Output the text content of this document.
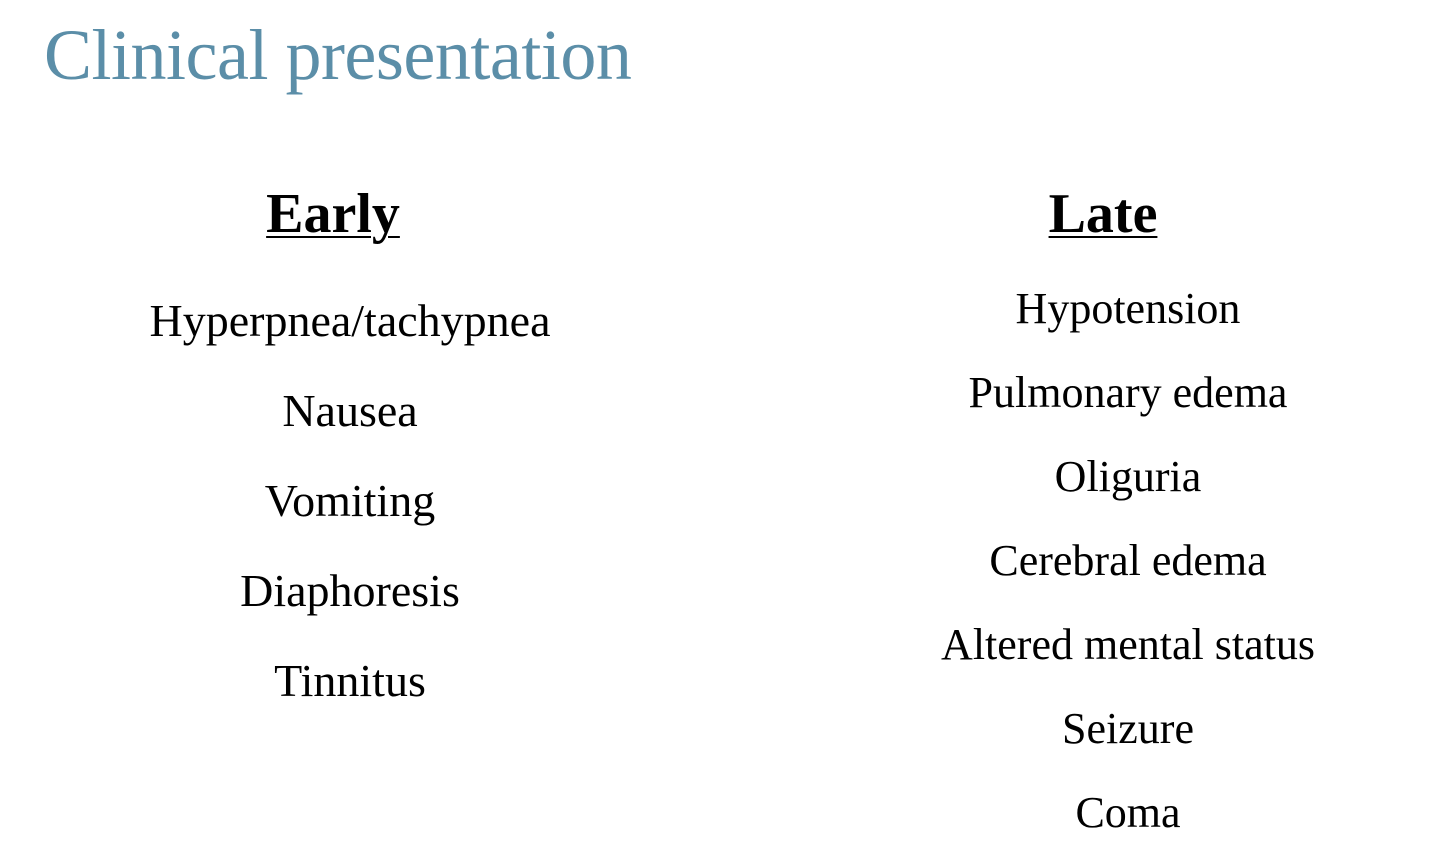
Clinical presentation
Early
Hyperpnea/tachypnea
Nausea
Vomiting
Diaphoresis
Tinnitus
Late
Hypotension
Pulmonary edema
Oliguria
Cerebral edema
Altered mental status
Seizure
Coma
